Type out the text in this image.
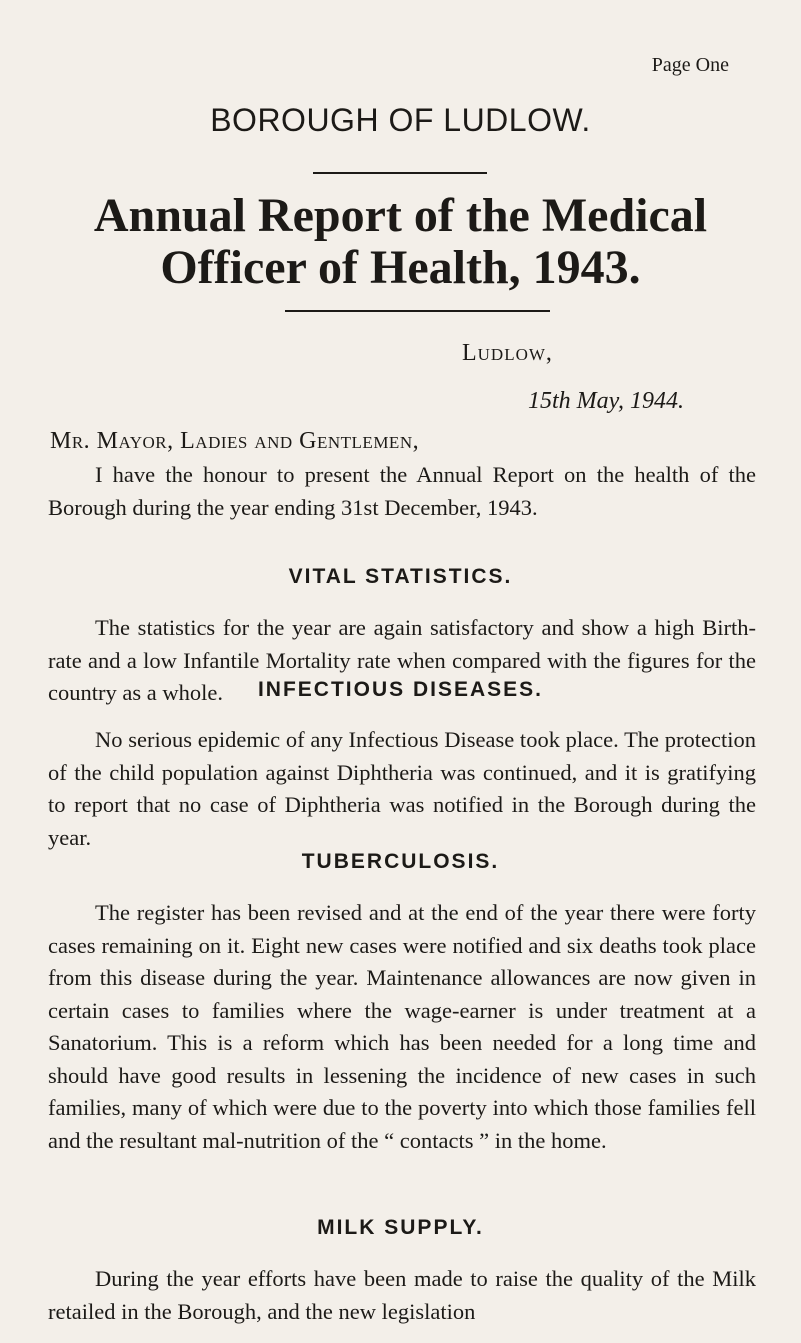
Page One
BOROUGH OF LUDLOW.
Annual Report of the Medical
Officer of Health, 1943.
Ludlow,
15th May, 1944.
Mr. Mayor, Ladies and Gentlemen,

I have the honour to present the Annual Report on the health of the Borough during the year ending 31st December, 1943.

VITAL STATISTICS.

The statistics for the year are again satisfactory and show a high Birth-rate and a low Infantile Mortality rate when compared with the figures for the country as a whole.	INFECTIOUS DISEASES.

No serious epidemic of any Infectious Disease took place. The protection of the child population against Diphtheria was continued, and it is gratifying to report that no case of Diphtheria was notified in the Borough during the year.

TUBERCULOSIS.

The register has been revised and at the end of the year there were forty cases remaining on it. Eight new cases were notified and six deaths took place from this disease during the year. Maintenance allowances are now given in certain cases to families where the wage-earner is under treatment at a Sanatorium. This is a reform which has been needed for a long time and should have good results in lessening the incidence of new cases in such families, many of which were due to the poverty into which those families fell and the resultant mal-nutrition of the “ contacts ” in the home.

MILK SUPPLY.

During the year efforts have been made to raise the quality of the Milk retailed in the Borough, and the new legislation
